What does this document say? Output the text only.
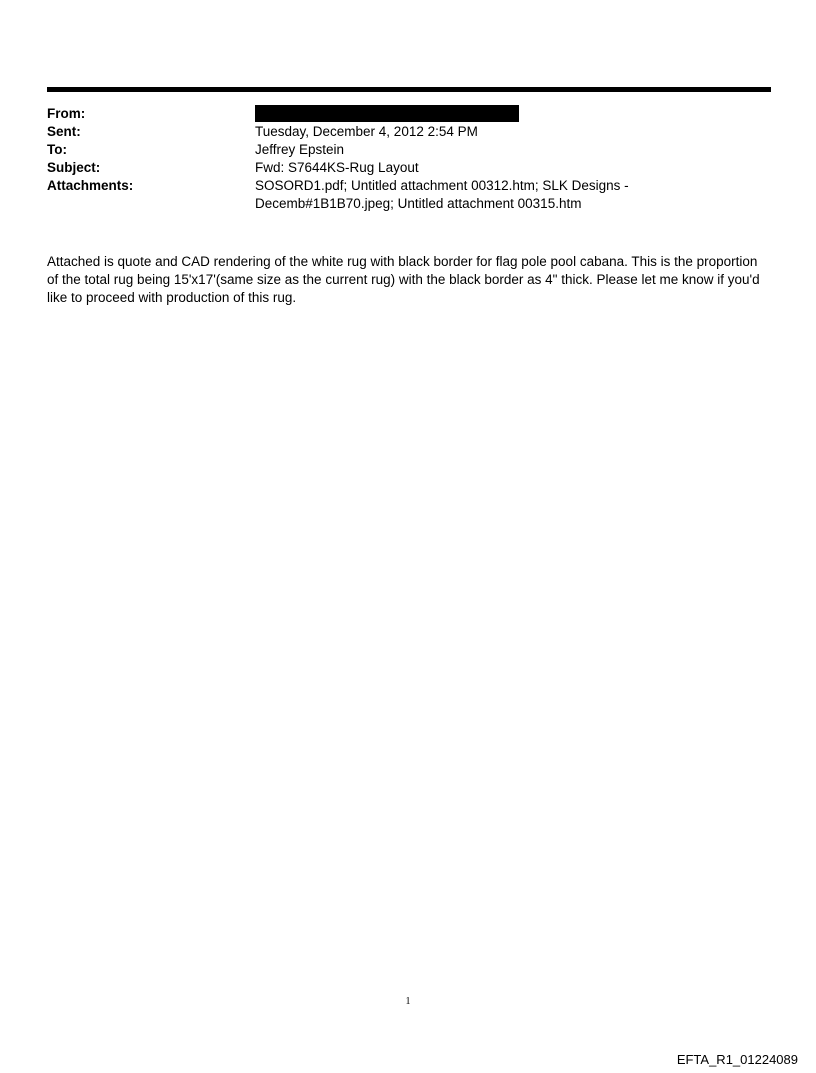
From:
Sent:	Tuesday, December 4, 2012 2:54 PM
To:	Jeffrey Epstein
Subject:	Fwd: S7644KS-Rug Layout
Attachments:	SOSORD1.pdf; Untitled attachment 00312.htm; SLK Designs - Decemb#1B1B70.jpeg; Untitled attachment 00315.htm
Attached is quote and CAD rendering of the white rug with black border for flag pole pool cabana. This is the proportion of the total rug being 15'x17'(same size as the current rug) with the black border as 4" thick. Please let me know if you'd like to proceed with production of this rug.
1
EFTA_R1_01224089
